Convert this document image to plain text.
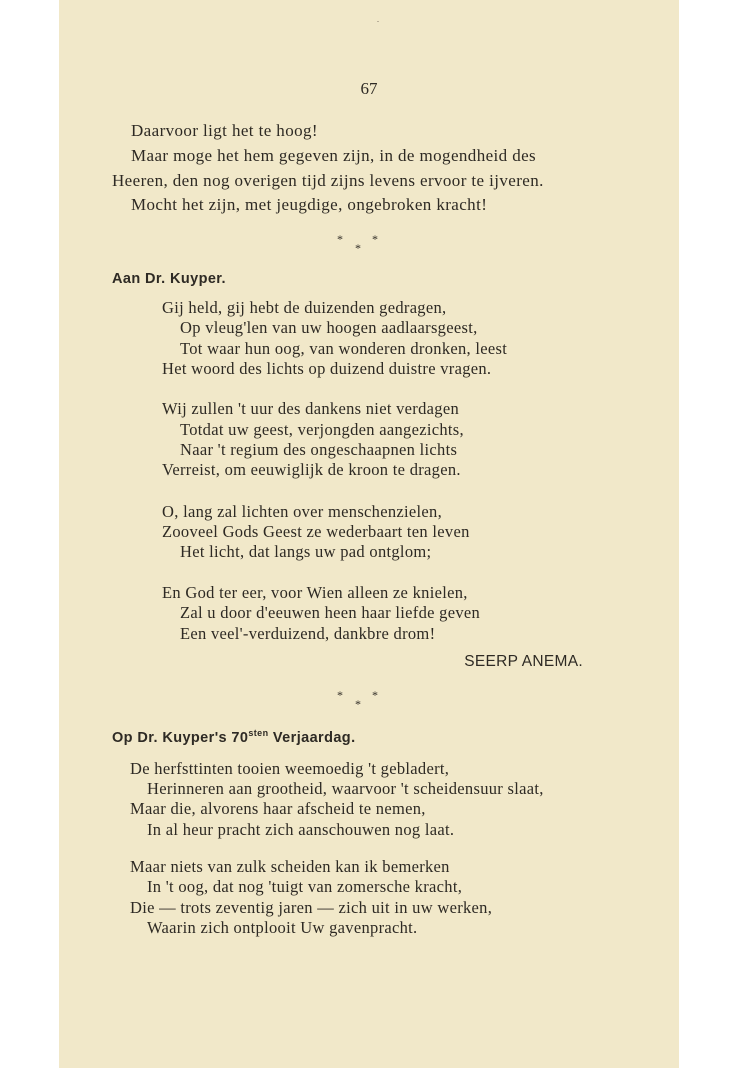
67
Daarvoor ligt het te hoog!
Maar moge het hem gegeven zijn, in de mogendheid des
Heeren, den nog overigen tijd zijns levens ervoor te ijveren.
Mocht het zijn, met jeugdige, ongebroken kracht!
*
*
*
Aan Dr. Kuyper.
Gij held, gij hebt de duizenden gedragen,
Op vleug'len van uw hoogen aadlaarsgeest,
Tot waar hun oog, van wonderen dronken, leest
Het woord des lichts op duizend duistre vragen.
Wij zullen 't uur des dankens niet verdagen
Totdat uw geest, verjongden aangezichts,
Naar 't regium des ongeschaapnen lichts
Verreist, om eeuwiglijk de kroon te dragen.
O, lang zal lichten over menschenzielen,
Zooveel Gods Geest ze wederbaart ten leven
Het licht, dat langs uw pad ontglom;
En God ter eer, voor Wien alleen ze knielen,
Zal u door d'eeuwen heen haar liefde geven
Een veel'-verduizend, dankbre drom!
SEERP ANEMA.
*
*
*
Op Dr. Kuyper's $70^{sten}$ Verjaardag.
De herfsttinten tooien weemoedig 't gebladert,
Herinneren aan grootheid, waarvoor 't scheidensuur slaat,
Maar die, alvorens haar afscheid te nemen,
In al heur pracht zich aanschouwen nog laat.
Maar niets van zulk scheiden kan ik bemerken
In 't oog, dat nog 'tuigt van zomersche kracht,
Die — trots zeventig jaren — zich uit in uw werken,
Waarin zich ontplooit Uw gavenpracht.
